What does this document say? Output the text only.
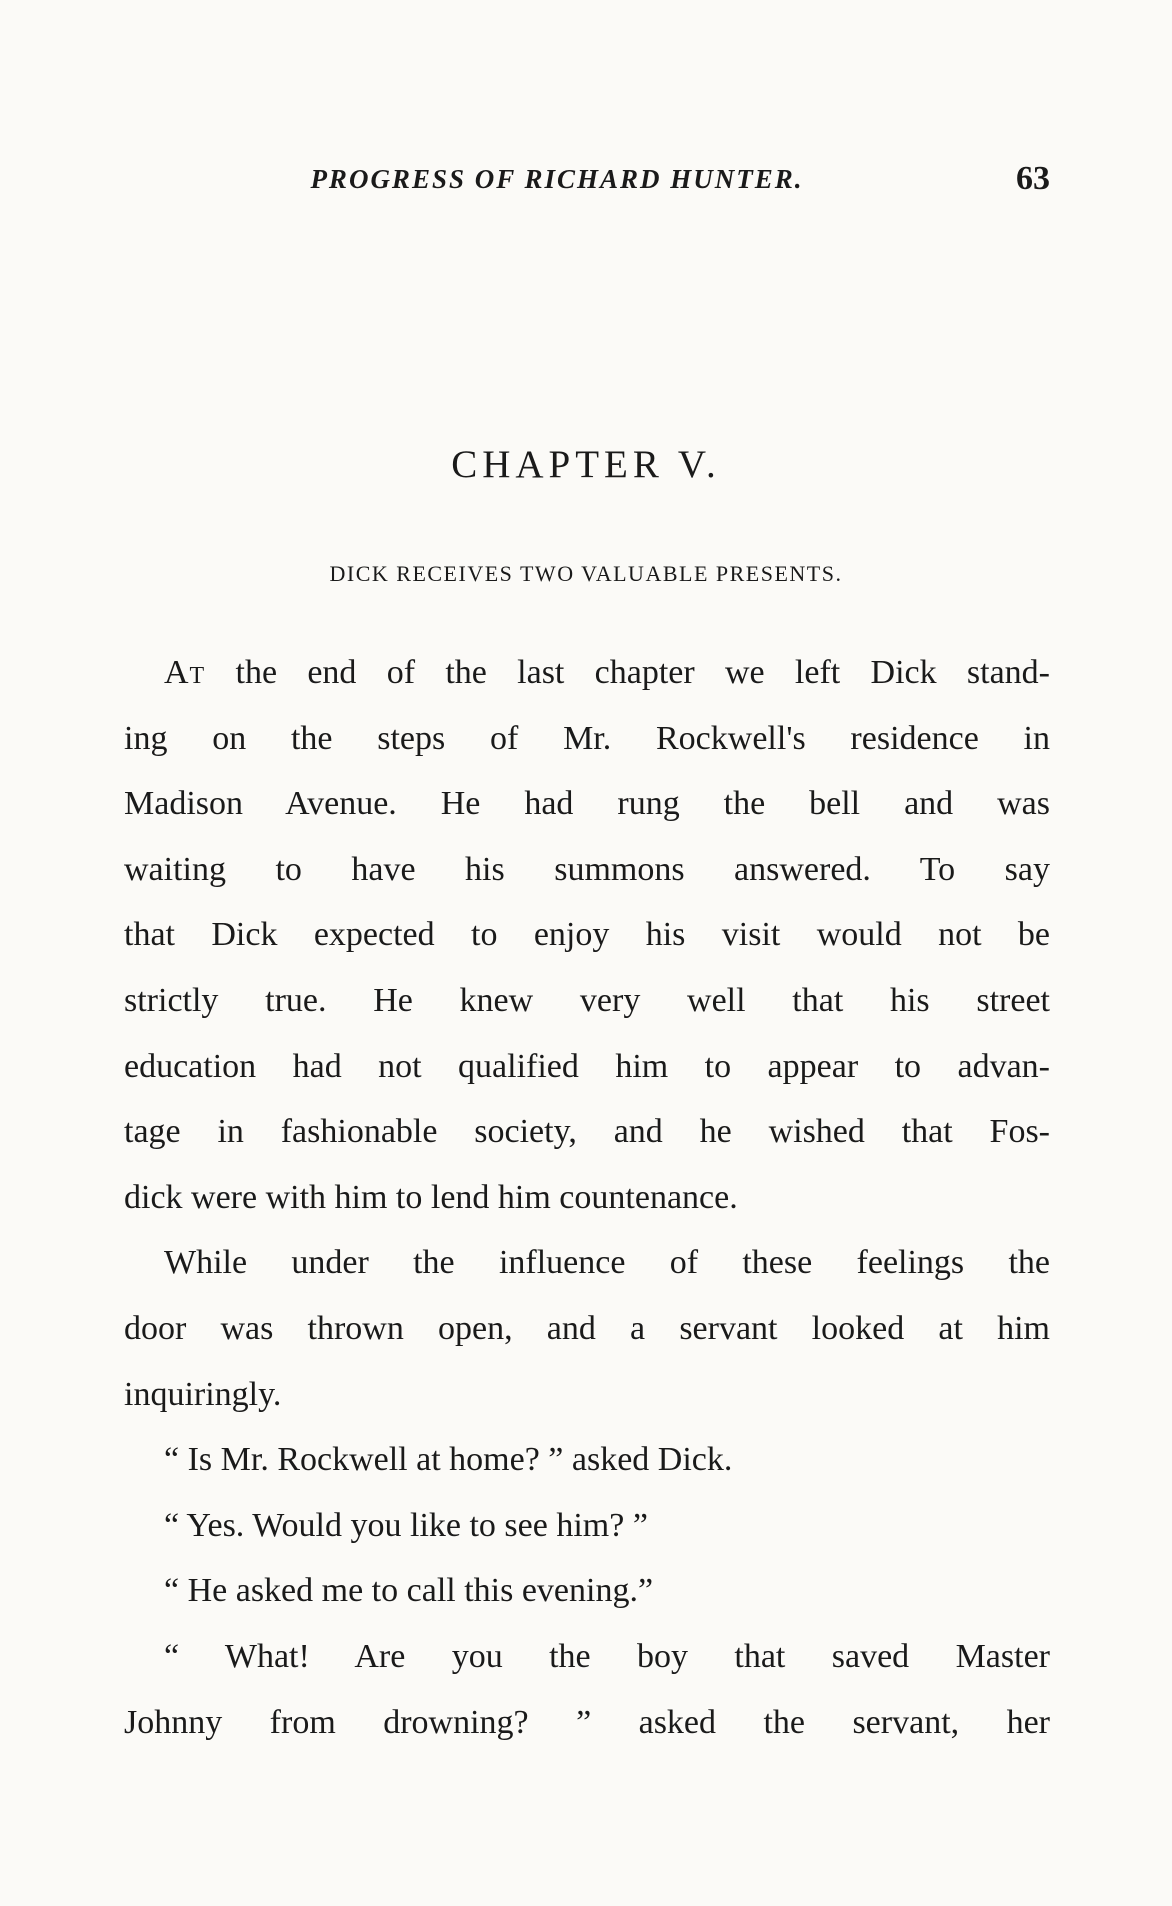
PROGRESS OF RICHARD HUNTER.	63
CHAPTER V.
DICK RECEIVES TWO VALUABLE PRESENTS.
At the end of the last chapter we left Dick stand-
ing on the steps of Mr. Rockwell's residence in
Madison Avenue. He had rung the bell and was
waiting to have his summons answered. To say
that Dick expected to enjoy his visit would not be
strictly true. He knew very well that his street
education had not qualified him to appear to advan-
tage in fashionable society, and he wished that Fos-
dick were with him to lend him countenance.
While under the influence of these feelings the
door was thrown open, and a servant looked at him
inquiringly.
“ Is Mr. Rockwell at home? ” asked Dick.
“ Yes. Would you like to see him? ”
“ He asked me to call this evening.”
“ What! Are you the boy that saved Master
Johnny from drowning? ” asked the servant, her
